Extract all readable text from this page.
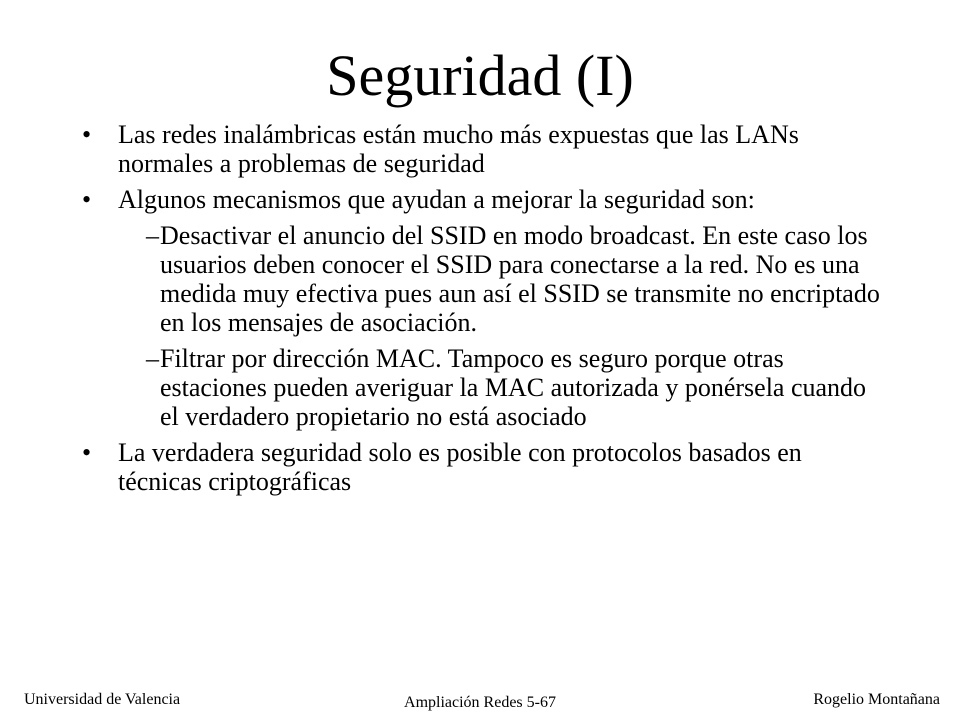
Seguridad (I)
• Las redes inalámbricas están mucho más expuestas que las LANs normales a problemas de seguridad
• Algunos mecanismos que ayudan a mejorar la seguridad son:
– Desactivar el anuncio del SSID en modo broadcast. En este caso los usuarios deben conocer el SSID para conectarse a la red. No es una medida muy efectiva pues aun así el SSID se transmite no encriptado en los mensajes de asociación.
– Filtrar por dirección MAC. Tampoco es seguro porque otras estaciones pueden averiguar la MAC autorizada y ponérsela cuando el verdadero propietario no está asociado
• La verdadera seguridad solo es posible con protocolos basados en técnicas criptográficas
Universidad de Valencia	Ampliación Redes 5-67	Rogelio Montañana
